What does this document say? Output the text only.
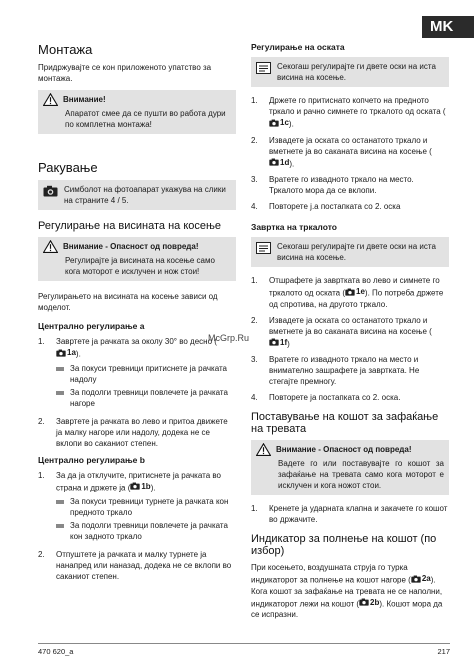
MK
Монтажа

Придржувајте се кон приложеното упатство за монтажа.

Внимание!
Апаратот смее да се пушти во работа дури по комплетна монтажа!
Ракување
Симболот на фотоапарат укажува на слики на страните 4 / 5.
Регулирање на висината на косење
Внимание - Опасност од повреда!
Регулирајте ја висината на косење само кога моторот е исклучен и нож стои!

Регулирањето на висината на косење зависи од моделот.

Централно регулирање a
1.	Завртете ја рачката за околу 30° во десно (
1a ).
За покуси тревници притиснете ја рачката надолу
За подолги тревници повлечете ја рачката нагоре
2.	Завртете ја рачката во лево и притоа движете ја малку нагоре или надолу, додека не се вклопи во саканиот степен.
Централно регулирање b
1.	За да ја отклучите, притиснете ја рачката во страна и држете ја ( 1b ).
За покуси тревници турнете ја рачката кон предното тркало
За подолги тревници повлечете ја рачката кон задното тркало
2.	Отпуштете ја рачката и малку турнете ја нанапред или наназад, додека не се вклопи во саканиот степен.
Регулирање на оската
Секогаш регулирајте ги двете оски на иста висина на косење.
1.	Држете го притиснато копчето на предното тркало и рачно симнете го тркалото од оската (
1c ).
2.	Извадете ја оската со останатото тркало и вметнете ја во саканата висина на косење (
1d ).
3.	Вратете го извадното тркало на место. Тркалото мора да се вклопи.
4.	Повторете ј.а постапката со 2. оска
Завртка на тркалото
Секогаш регулирајте ги двете оски на иста висина на косење.
1.	Отшрафете ја завртката во лево и симнете го тркалото од оската ( 1e ). По потреба држете од спротива, на другото тркало.
2.	Извадете ја оската со останатото тркало и вметнете ја во саканата висина на косење (
1f )
3.	Вратете го извадното тркало на место и внимателно зашрафете ја завртката. Не стегајте премногу.
4.	Повторете ја постапката со 2. оска.
Поставување на кошот за зафаќање на тревата
Внимание - Опасност од повреда!
Вадете го или поставувајте го кошот за зафаќање на тревата само кога моторот е исклучен и кога ножот стои.
1.	Кренете ја ударната клапна и закачете го кошот во држачите.
Индикатор за полнење на кошот (по избор)

При косењето, воздушната струја го турка индикаторот за полнење на кошот нагоре ( 2a ). Кога кошот за зафаќање на тревата не се наполни, индикаторот лежи на кошот ( 2b ). Кошот мора да се испразни.

McGrp.Ru
470 620_a	217
